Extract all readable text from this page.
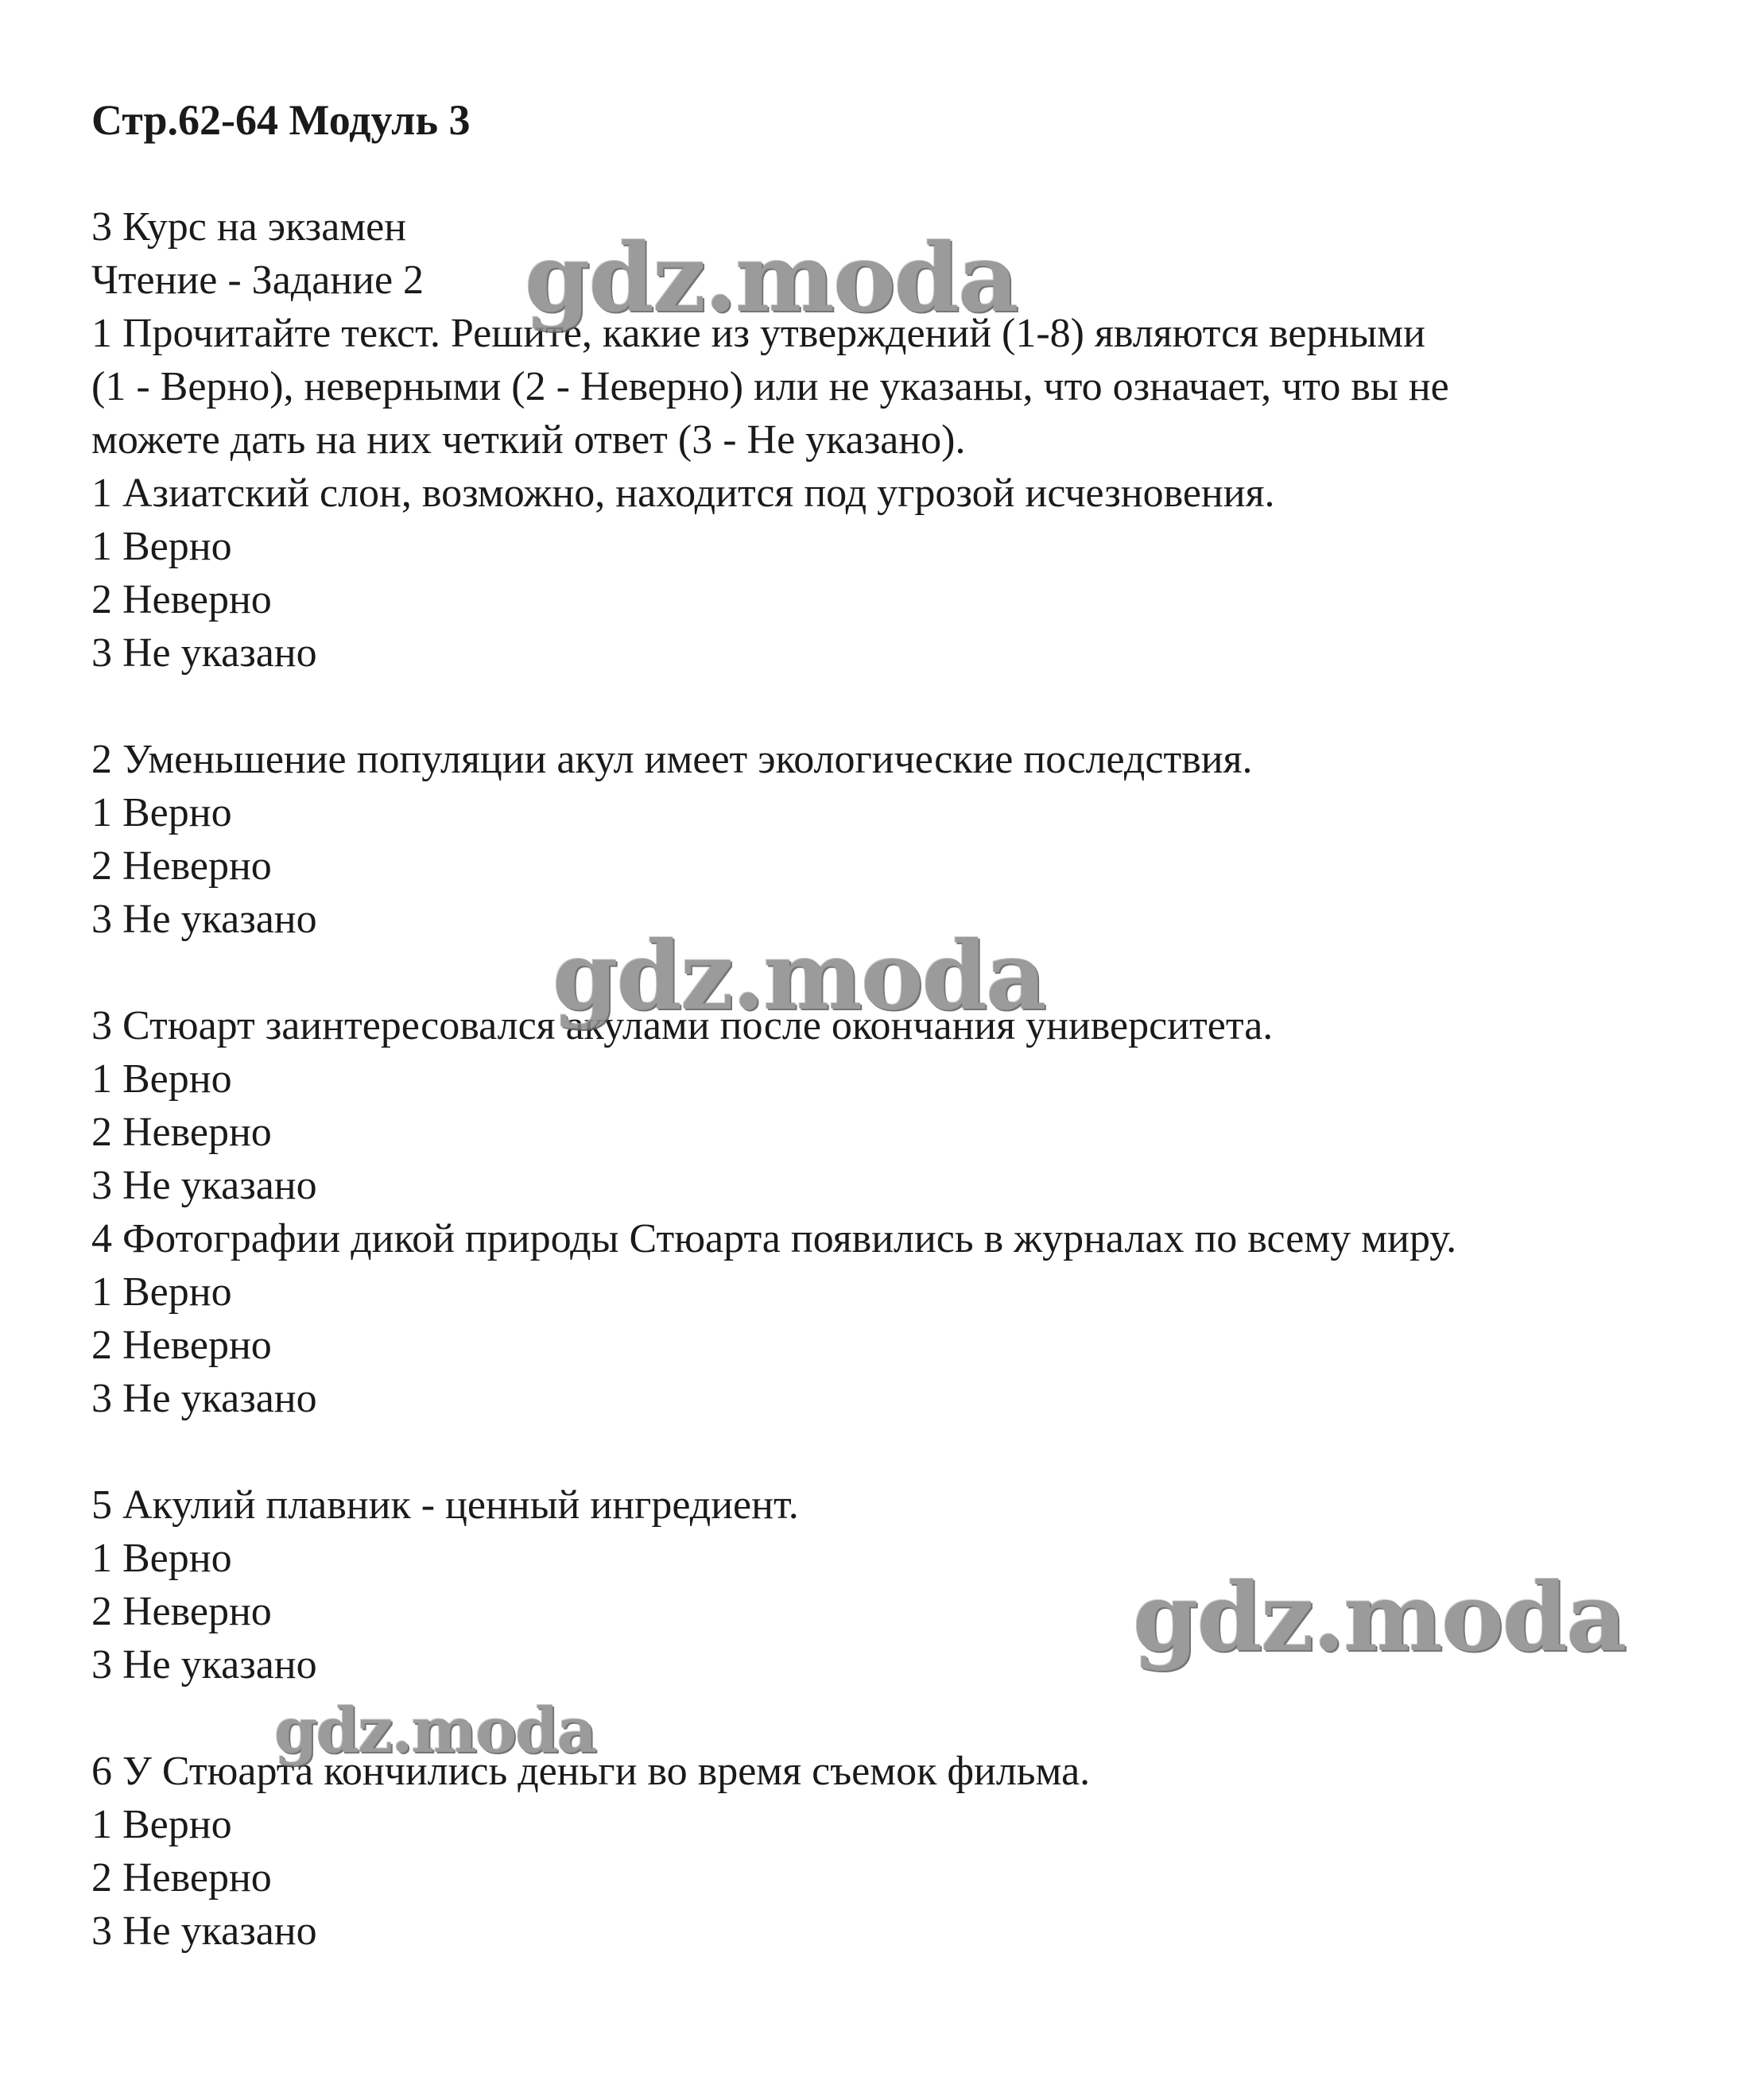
Стр.62-64 Модуль 3
3 Курс на экзамен
Чтение - Задание 2
1 Прочитайте текст. Решите, какие из утверждений (1-8) являются верными
(1 - Верно), неверными (2 - Неверно) или не указаны, что означает, что вы не
можете дать на них четкий ответ (3 - Не указано).
1 Азиатский слон, возможно, находится под угрозой исчезновения.
1 Верно
2 Неверно
3 Не указано
2 Уменьшение популяции акул имеет экологические последствия.
1 Верно
2 Неверно
3 Не указано
3 Стюарт заинтересовался акулами после окончания университета.
1 Верно
2 Неверно
3 Не указано
4 Фотографии дикой природы Стюарта появились в журналах по всему миру.
1 Верно
2 Неверно
3 Не указано
5 Акулий плавник - ценный ингредиент.
1 Верно
2 Неверно
3 Не указано
6 У Стюарта кончились деньги во время съемок фильма.
1 Верно
2 Неверно
3 Не указано
gdz.moda
gdz.moda
gdz.moda
gdz.moda
